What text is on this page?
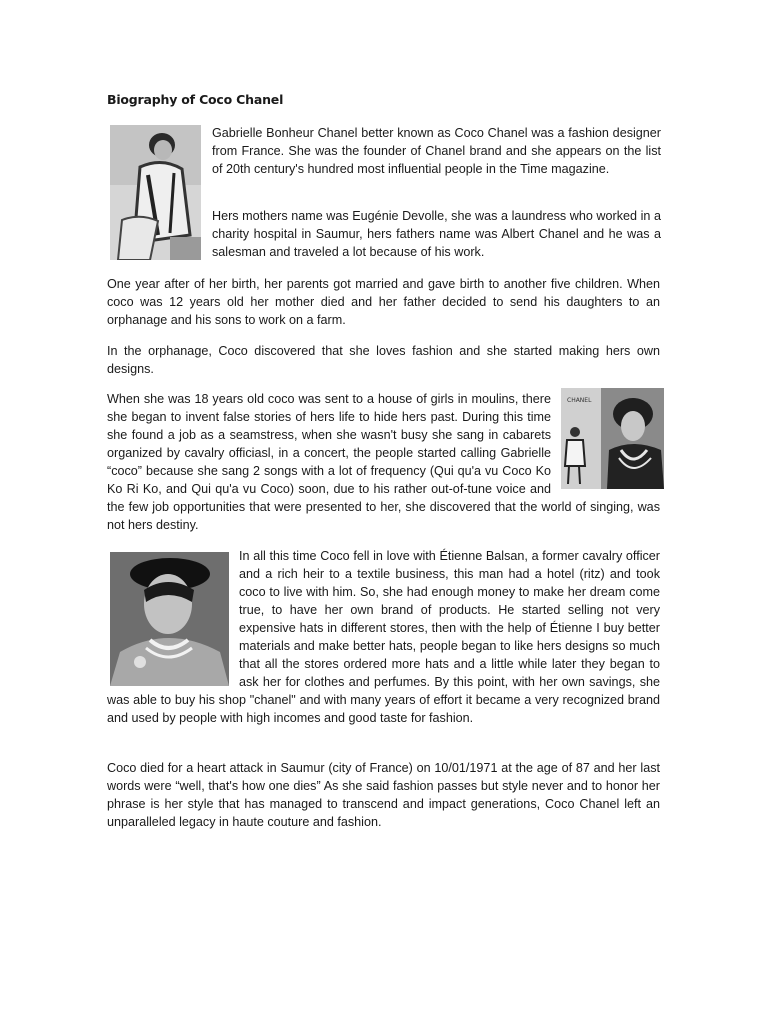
Biography of Coco Chanel

Gabrielle Bonheur Chanel better known as Coco Chanel was a fashion designer from France. She was the founder of Chanel brand and she appears on the list of 20th century's hundred most influential people in the Time magazine.

Hers mothers name was Eugénie Devolle, she was a laundress who worked in a charity hospital in Saumur, hers fathers name was Albert Chanel and he was a salesman and traveled a lot because of his work.

One year after of her birth, her parents got married and gave birth to another five children. When coco was 12 years old her mother died and her father decided to send his daughters to an orphanage and his sons to work on a farm.

In the orphanage, Coco discovered that she loves fashion and she started making hers own designs.

CHANEL

When she was 18 years old coco was sent to a house of girls in moulins, there she began to invent false stories of hers life to hide hers past. During this time she found a job as a seamstress, when she wasn't busy she sang in cabarets organized by cavalry officiasl, in a concert, the people started calling Gabrielle “coco” because she sang 2 songs with a lot of frequency (Qui qu'a vu Coco Ko Ko Ri Ko, and Qui qu'a vu Coco) soon, due to his rather out-of-tune voice and the few job opportunities that were presented to her, she discovered that the world of singing, was not hers destiny.

In all this time Coco fell in love with Étienne Balsan, a former cavalry officer and a rich heir to a textile business, this man had a hotel (ritz) and took coco to live with him. So, she had enough money to make her dream come true, to have her own brand of products. He started selling not very expensive hats in different stores, then with the help of Étienne I buy better materials and make better hats, people began to like hers designs so much that all the stores ordered more hats and a little while later they began to ask her for clothes and perfumes. By this point, with her own savings, she was able to buy his shop "chanel" and with many years of effort it became a very recognized brand and used by people with high incomes and good taste for fashion.

Coco died for a heart attack in Saumur (city of France) on 10/01/1971 at the age of 87 and her last words were “well, that's how one dies” As she said fashion passes but style never and to honor her phrase is her style that has managed to transcend and impact generations, Coco Chanel left an unparalleled legacy in haute couture and fashion.
